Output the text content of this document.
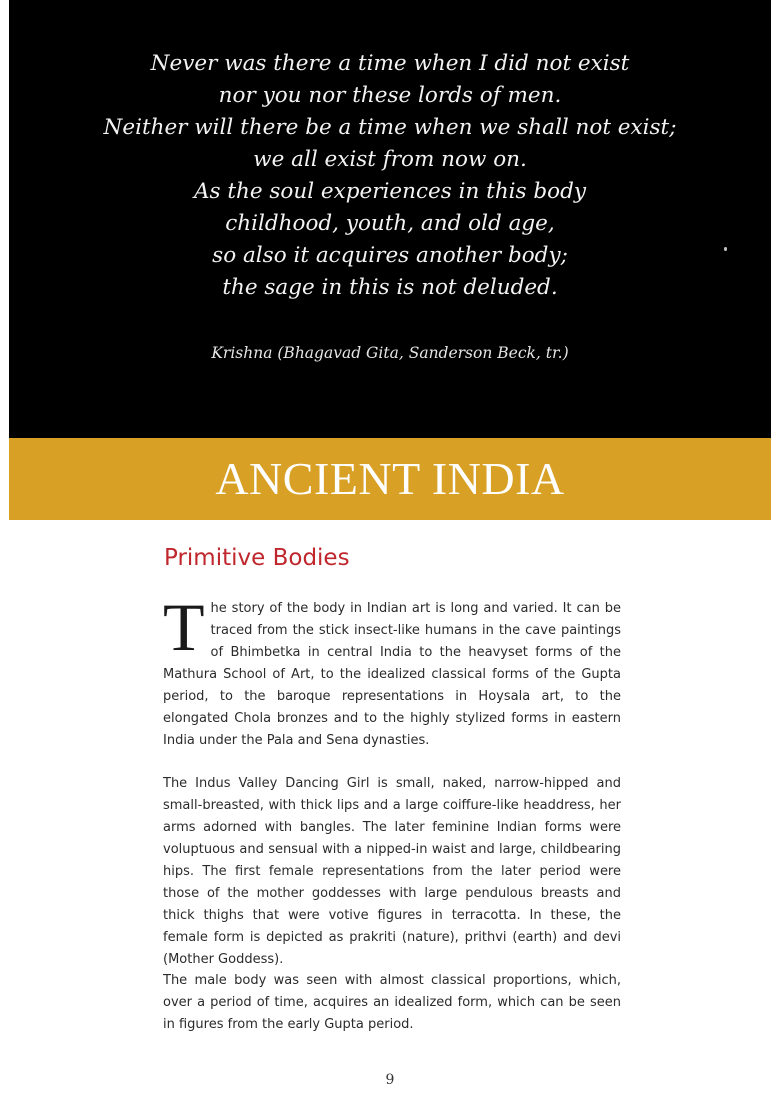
Never was there a time when I did not exist
nor you nor these lords of men.
Neither will there be a time when we shall not exist;
we all exist from now on.
As the soul experiences in this body
childhood, youth, and old age,
so also it acquires another body;
the sage in this is not deluded.
Krishna (Bhagavad Gita, Sanderson Beck, tr.)
ANCIENT INDIA
Primitive Bodies

The story of the body in Indian art is long and varied. It can be traced from the stick insect-like humans in the cave paintings of Bhimbetka in central India to the heavyset forms of the Mathura School of Art, to the idealized classical forms of the Gupta period, to the baroque representations in Hoysala art, to the elongated Chola bronzes and to the highly stylized forms in eastern India under the Pala and Sena dynasties.

The Indus Valley Dancing Girl is small, naked, narrow-hipped and small-breasted, with thick lips and a large coiffure-like headdress, her arms adorned with bangles. The later feminine Indian forms were voluptuous and sensual with a nipped-in waist and large, childbearing hips. The first female representations from the later period were those of the mother goddesses with large pendulous breasts and thick thighs that were votive figures in terracotta. In these, the female form is depicted as prakriti (nature), prithvi (earth) and devi (Mother Goddess).

The male body was seen with almost classical proportions, which, over a period of time, acquires an idealized form, which can be seen in figures from the early Gupta period.

9
